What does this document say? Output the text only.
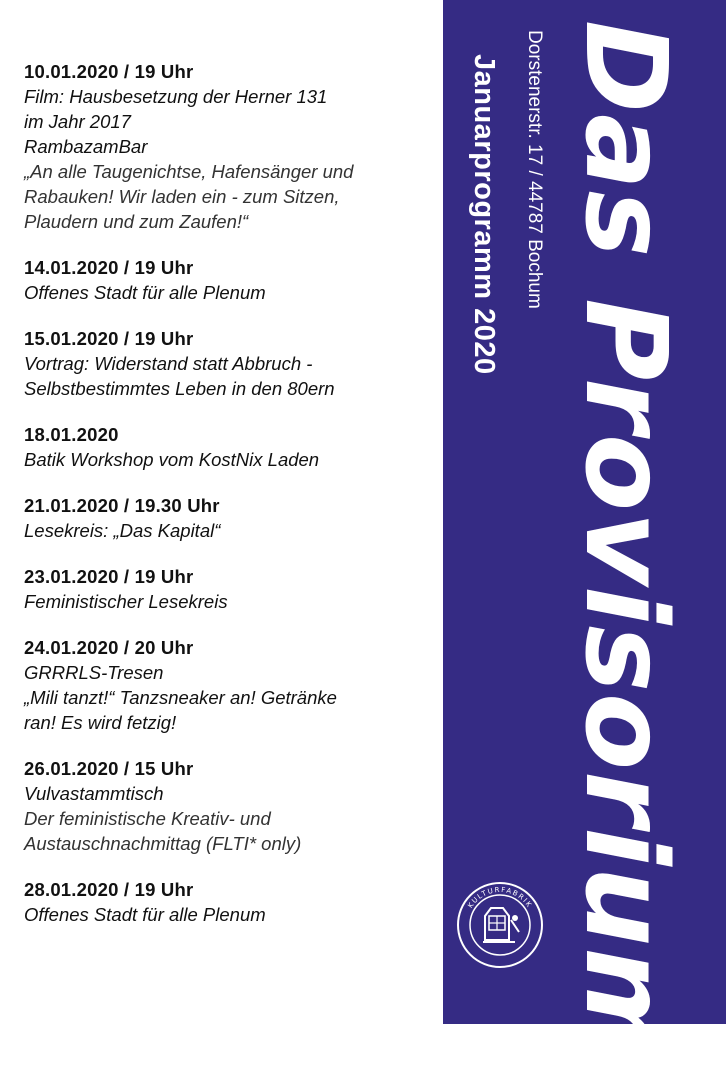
10.01.2020 / 19 Uhr
Film: Hausbesetzung der Herner 131
im Jahr 2017
RambazamBar
„An alle Taugenichtse, Hafensänger und
Rabauken! Wir laden ein - zum Sitzen,
Plaudern und zum Zaufen!“
14.01.2020 / 19 Uhr
Offenes Stadt für alle Plenum
15.01.2020 / 19 Uhr
Vortrag: Widerstand statt Abbruch -
Selbstbestimmtes Leben in den 80ern
18.01.2020
Batik Workshop vom KostNix Laden
21.01.2020 / 19.30 Uhr
Lesekreis: „Das Kapital“
23.01.2020 / 19 Uhr
Feministischer Lesekreis
24.01.2020 / 20 Uhr
GRRRLS-Tresen
„Mili tanzt!“ Tanzsneaker an! Getränke
ran! Es wird fetzig!
26.01.2020 / 15 Uhr
Vulvastammtisch
Der feministische Kreativ- und
Austauschnachmittag (FLTI* only)
28.01.2020 / 19 Uhr
Offenes Stadt für alle Plenum
Januarprogramm 2020 Dorstenerstr. 17 / 44787 Bochum Das Provisorium
KULTURFABRIK
